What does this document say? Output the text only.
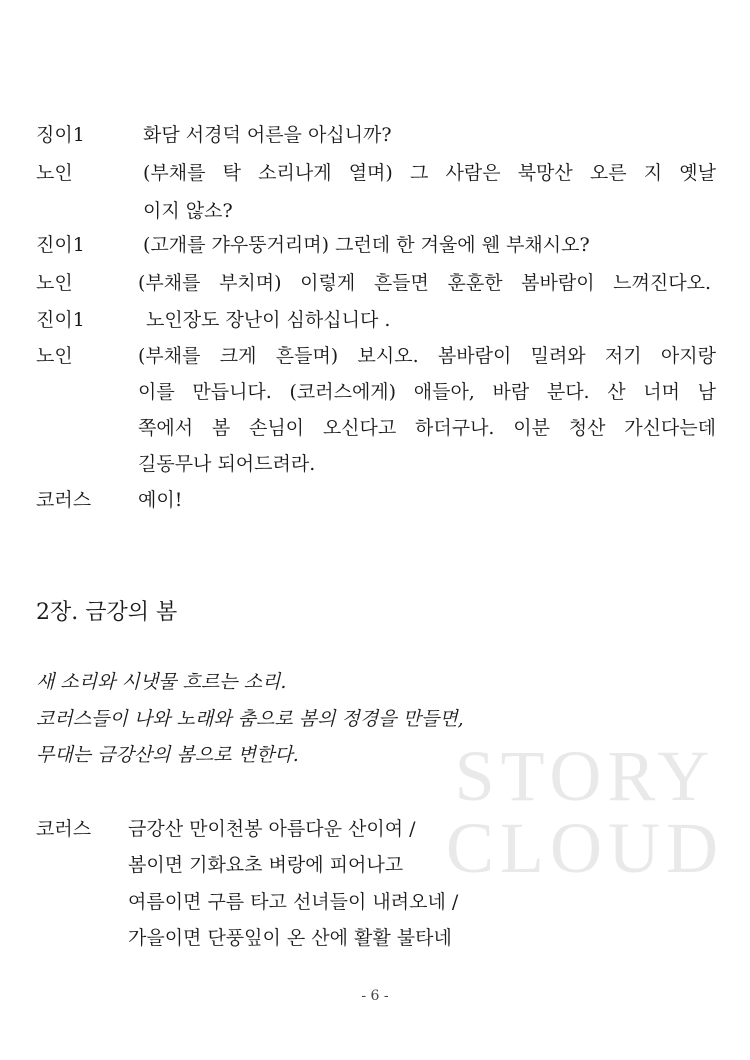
STORY
CLOUD
징이1	화담 서경덕 어른을 아십니까?
노인	(부채를 탁 소리나게 열며) 그 사람은 북망산 오른 지 옛날
이지 않소?
진이1	(고개를 갸우뚱거리며) 그런데 한 겨울에 웬 부채시오?
노인	(부채를 부치며) 이렇게 흔들면 훈훈한 봄바람이 느껴진다오.
진이1	노인장도 장난이 심하십니다 .
노인	(부채를 크게 흔들며) 보시오. 봄바람이 밀려와 저기 아지랑
이를 만듭니다. (코러스에게) 애들아, 바람 분다. 산 너머 남
쪽에서 봄 손님이 오신다고 하더구나. 이분 청산 가신다는데
길동무나 되어드려라.
코러스	예이!
2장. 금강의 봄
새 소리와 시냇물 흐르는 소리.
코러스들이 나와 노래와 춤으로 봄의 정경을 만들면,
무대는 금강산의 봄으로 변한다.
코러스 금강산 만이천봉 아름다운 산이여 /
봄이면 기화요초 벼랑에 피어나고
여름이면 구름 타고 선녀들이 내려오네 /
가을이면 단풍잎이 온 산에 활활 불타네
- 6 -
